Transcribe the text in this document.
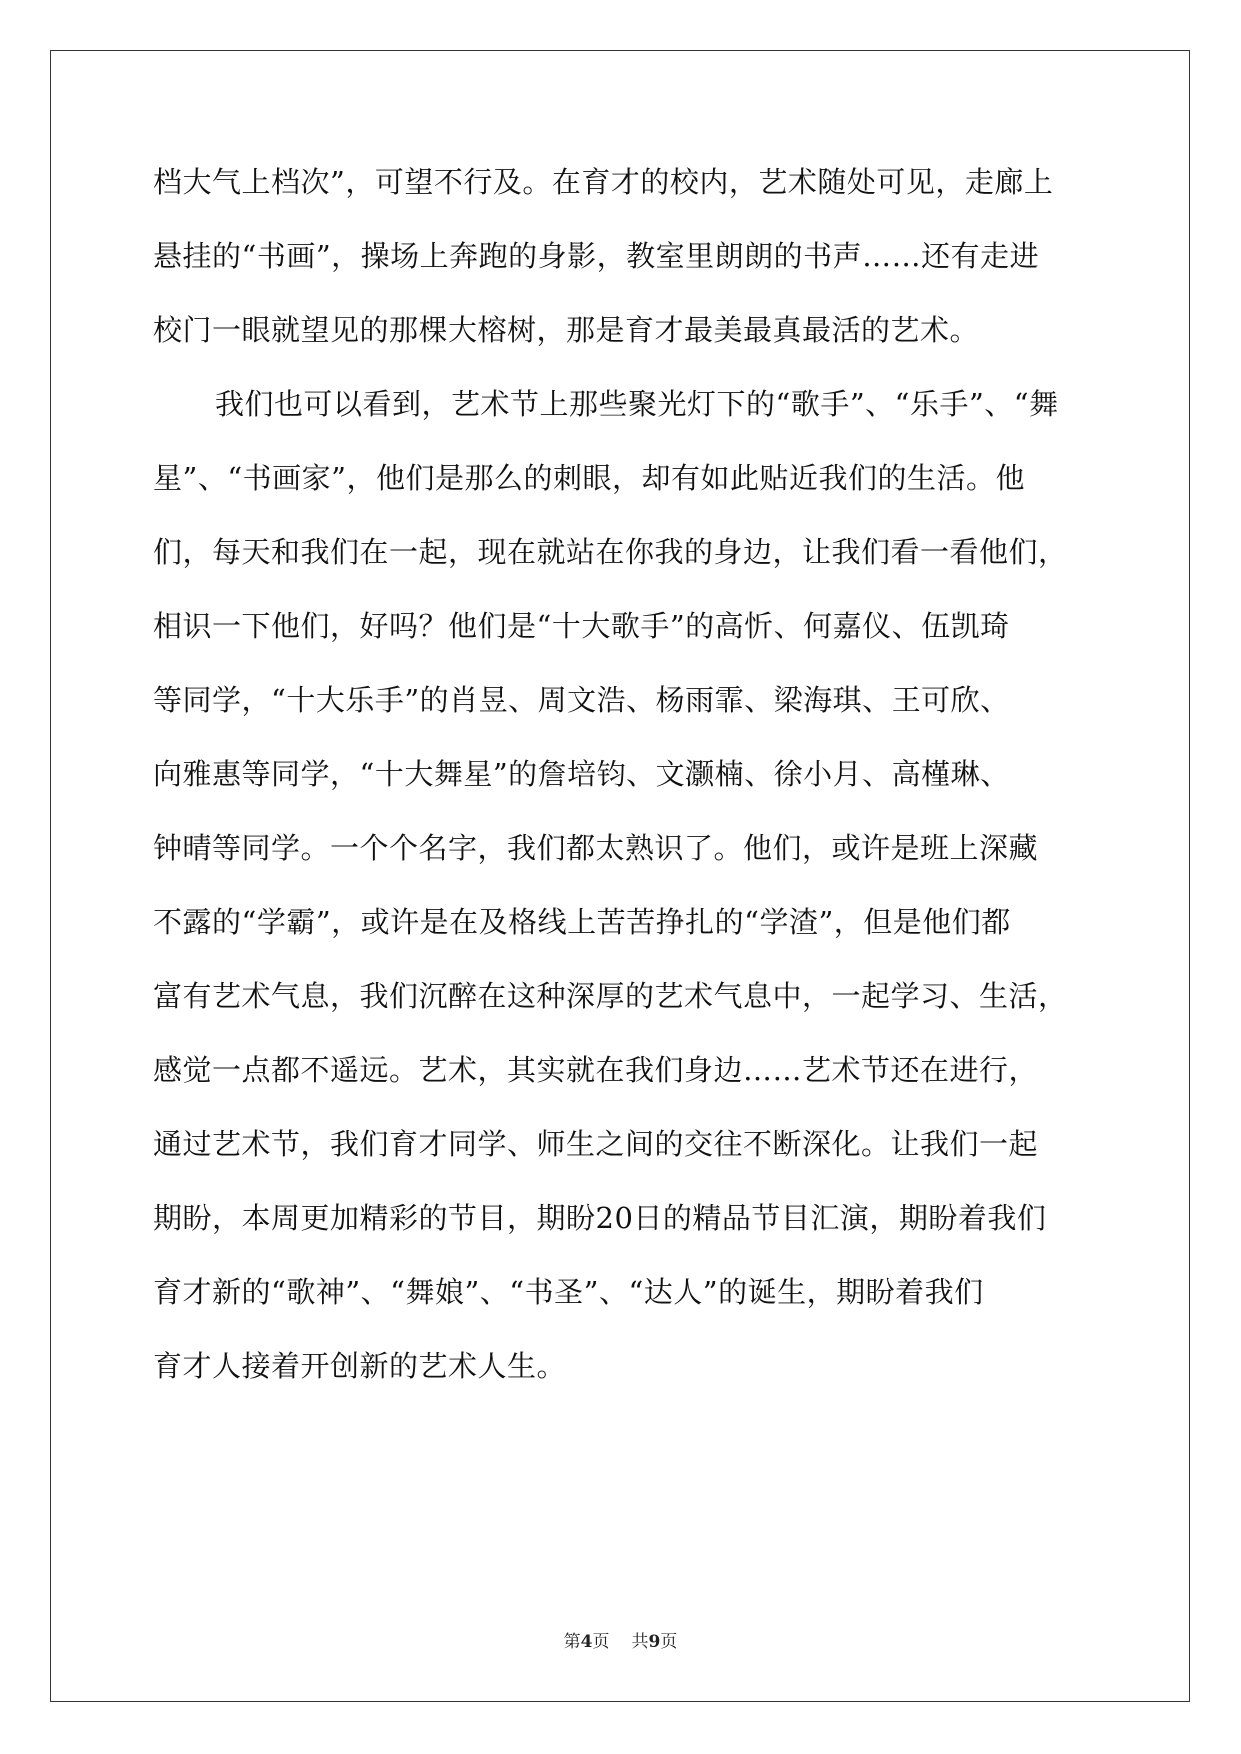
档大气上档次”，可望不行及。在育才的校内，艺术随处可见，走廊上
悬挂的“书画”，操场上奔跑的身影，教室里朗朗的书声……还有走进
校门一眼就望见的那棵大榕树，那是育才最美最真最活的艺术。
我们也可以看到，艺术节上那些聚光灯下的“歌手”、“乐手”、“舞
星”、“书画家”，他们是那么的刺眼，却有如此贴近我们的生活。他
们，每天和我们在一起，现在就站在你我的身边，让我们看一看他们，
相识一下他们，好吗？他们是“十大歌手”的高忻、何嘉仪、伍凯琦
等同学，“十大乐手”的肖昱、周文浩、杨雨霏、梁海琪、王可欣、
向雅惠等同学，“十大舞星”的詹培钧、文灏楠、徐小月、高槿琳、
钟晴等同学。一个个名字，我们都太熟识了。他们，或许是班上深藏
不露的“学霸”，或许是在及格线上苦苦挣扎的“学渣”，但是他们都
富有艺术气息，我们沉醉在这种深厚的艺术气息中，一起学习、生活，
感觉一点都不遥远。艺术，其实就在我们身边……艺术节还在进行，
通过艺术节，我们育才同学、师生之间的交往不断深化。让我们一起
期盼，本周更加精彩的节目，期盼20日的精品节目汇演，期盼着我们
育才新的“歌神”、“舞娘”、“书圣”、“达人”的诞生，期盼着我们
育才人接着开创新的艺术人生。
第4页 共9页
